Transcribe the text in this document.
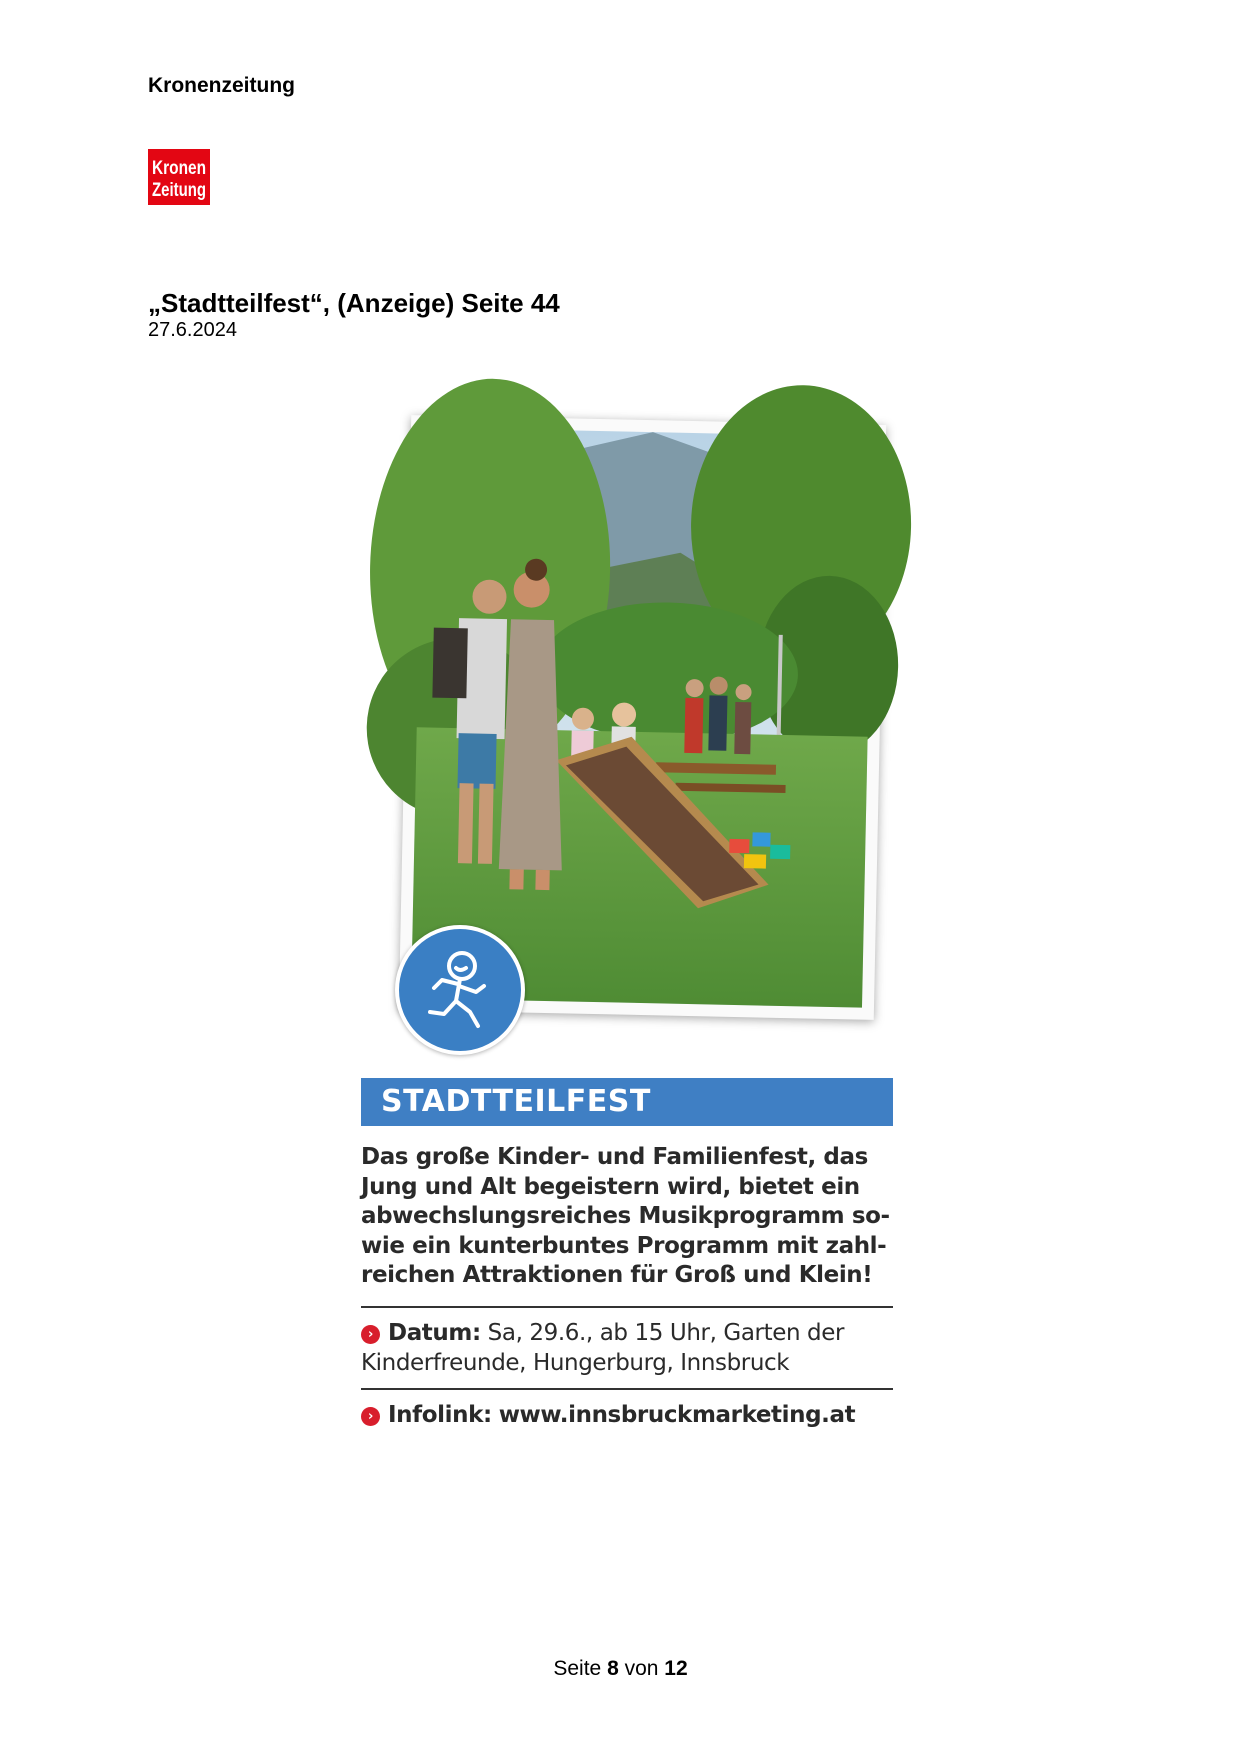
Kronenzeitung
Kronen
Zeitung
„Stadtteilfest“, (Anzeige) Seite 44
27.6.2024
STADTTEILFEST

Das große Kinder- und Familienfest, das
Jung und Alt begeistern wird, bietet ein
abwechslungsreiches Musikprogramm so-
wie ein kunterbuntes Programm mit zahl-
reichen Attraktionen für Groß und Klein!

› Datum: Sa, 29.6., ab 15 Uhr, Garten der
Kinderfreunde, Hungerburg, Innsbruck
› Infolink: www.innsbruckmarketing.at
Seite 8 von 12
